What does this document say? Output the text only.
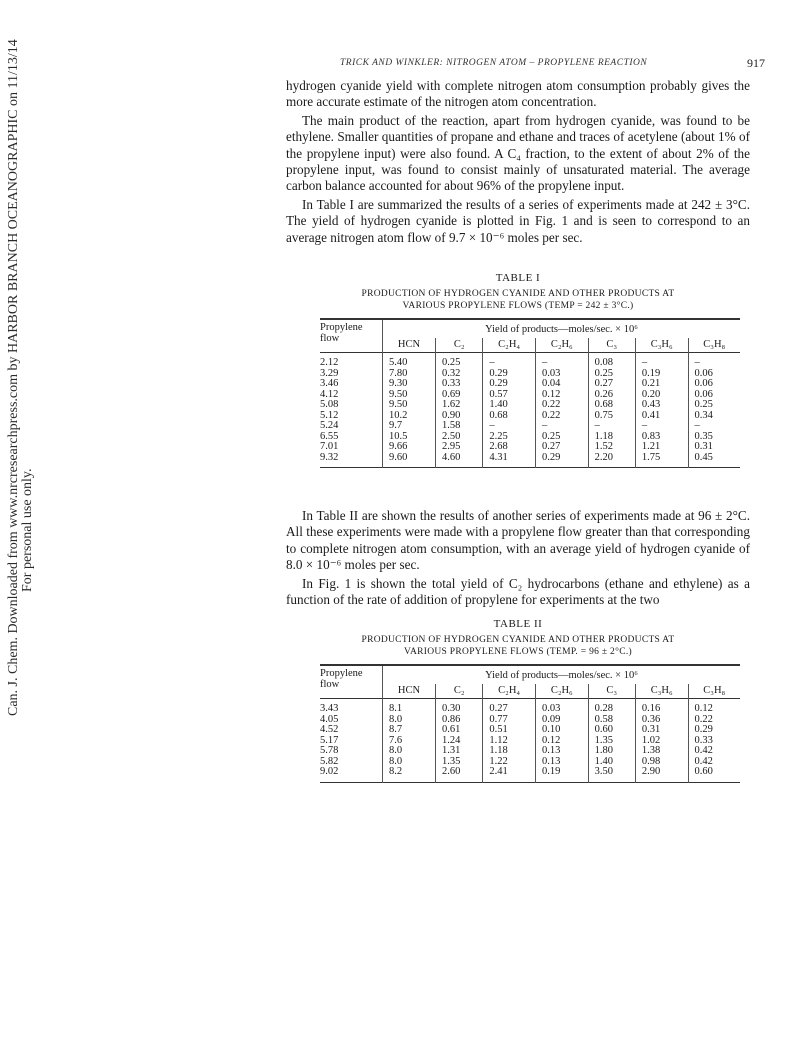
Can. J. Chem. Downloaded from www.nrcresearchpress.com by HARBOR BRANCH OCEANOGRAPHIC on 11/13/14 For personal use only.
TRICK AND WINKLER: NITROGEN ATOM – PROPYLENE REACTION	917

hydrogen cyanide yield with complete nitrogen atom consumption probably gives the more accurate estimate of the nitrogen atom concentration.

The main product of the reaction, apart from hydrogen cyanide, was found to be ethylene. Smaller quantities of propane and ethane and traces of acetylene (about 1% of the propylene input) were also found. A C₄ fraction, to the extent of about 2% of the propylene input, was found to consist mainly of unsaturated material. The average carbon balance accounted for about 96% of the propylene input.

In Table I are summarized the results of a series of experiments made at 242 ± 3°C. The yield of hydrogen cyanide is plotted in Fig. 1 and is seen to correspond to an average nitrogen atom flow of 9.7 × 10⁻⁶ moles per sec.

TABLE I
PRODUCTION OF HYDROGEN CYANIDE AND OTHER PRODUCTS AT
VARIOUS PROPYLENE FLOWS (TEMP = 242 ± 3°C.)
Propylene flow	Yield of products—moles/sec. × 10⁶						
	HCN	C₂	C₂H₄	C₂H₆	C₃	C₃H₆	C₃H₈
2.12	5.40	0.25	–	–	0.08	–	–
3.29	7.80	0.32	0.29	0.03	0.25	0.19	0.06
3.46	9.30	0.33	0.29	0.04	0.27	0.21	0.06
4.12	9.50	0.69	0.57	0.12	0.26	0.20	0.06
5.08	9.50	1.62	1.40	0.22	0.68	0.43	0.25
5.12	10.2	0.90	0.68	0.22	0.75	0.41	0.34
5.24	9.7	1.58	–	–	–	–	–
6.55	10.5	2.50	2.25	0.25	1.18	0.83	0.35
7.01	9.66	2.95	2.68	0.27	1.52	1.21	0.31
9.32	9.60	4.60	4.31	0.29	2.20	1.75	0.45

In Table II are shown the results of another series of experiments made at 96 ± 2°C. All these experiments were made with a propylene flow greater than that corresponding to complete nitrogen atom consumption, with an average yield of hydrogen cyanide of 8.0 × 10⁻⁶ moles per sec.

In Fig. 1 is shown the total yield of C₂ hydrocarbons (ethane and ethylene) as a function of the rate of addition of propylene for experiments at the two

TABLE II
PRODUCTION OF HYDROGEN CYANIDE AND OTHER PRODUCTS AT
VARIOUS PROPYLENE FLOWS (TEMP. = 96 ± 2°C.)
Propylene flow	Yield of products—moles/sec. × 10⁶						
	HCN	C₂	C₂H₄	C₂H₆	C₃	C₃H₆	C₃H₈
3.43	8.1	0.30	0.27	0.03	0.28	0.16	0.12
4.05	8.0	0.86	0.77	0.09	0.58	0.36	0.22
4.52	8.7	0.61	0.51	0.10	0.60	0.31	0.29
5.17	7.6	1.24	1.12	0.12	1.35	1.02	0.33
5.78	8.0	1.31	1.18	0.13	1.80	1.38	0.42
5.82	8.0	1.35	1.22	0.13	1.40	0.98	0.42
9.02	8.2	2.60	2.41	0.19	3.50	2.90	0.60
